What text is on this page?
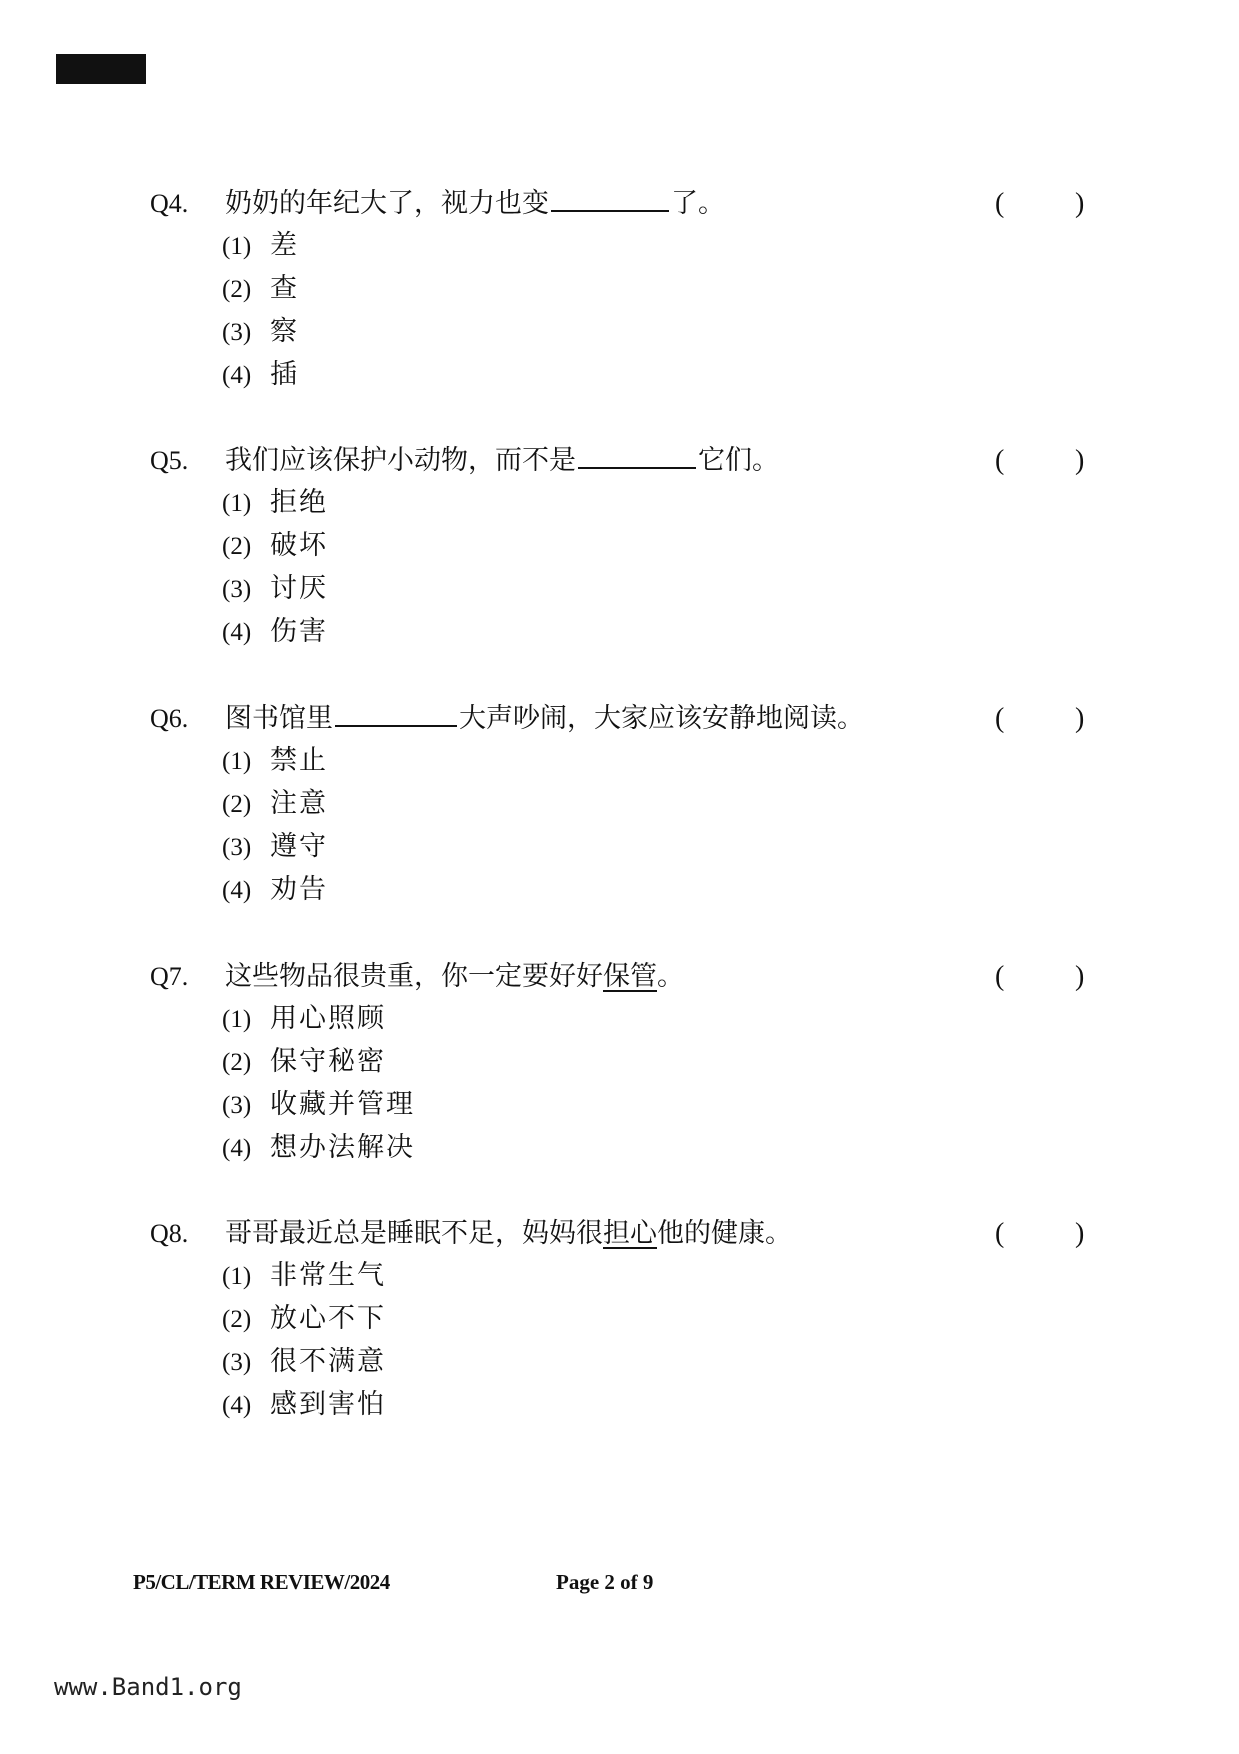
Q4. 奶奶的年纪大了，视力也变	了。	(	)
(1) 差
(2) 查
(3) 察
(4) 插
Q5. 我们应该保护小动物，而不是	它们。	(	)
(1) 拒绝
(2) 破坏
(3) 讨厌
(4) 伤害
Q6. 图书馆里	大声吵闹，大家应该安静地阅读。	(	)
(1) 禁止
(2) 注意
(3) 遵守
(4) 劝告
Q7. 这些物品很贵重，你一定要好好保管。	(	)
(1) 用心照顾
(2) 保守秘密
(3) 收藏并管理
(4) 想办法解决
Q8. 哥哥最近总是睡眠不足，妈妈很担心他的健康。	(	)
(1) 非常生气
(2) 放心不下
(3) 很不满意
(4) 感到害怕
P5/CL/TERM REVIEW/2024	Page 2 of 9
www.Band1.org
